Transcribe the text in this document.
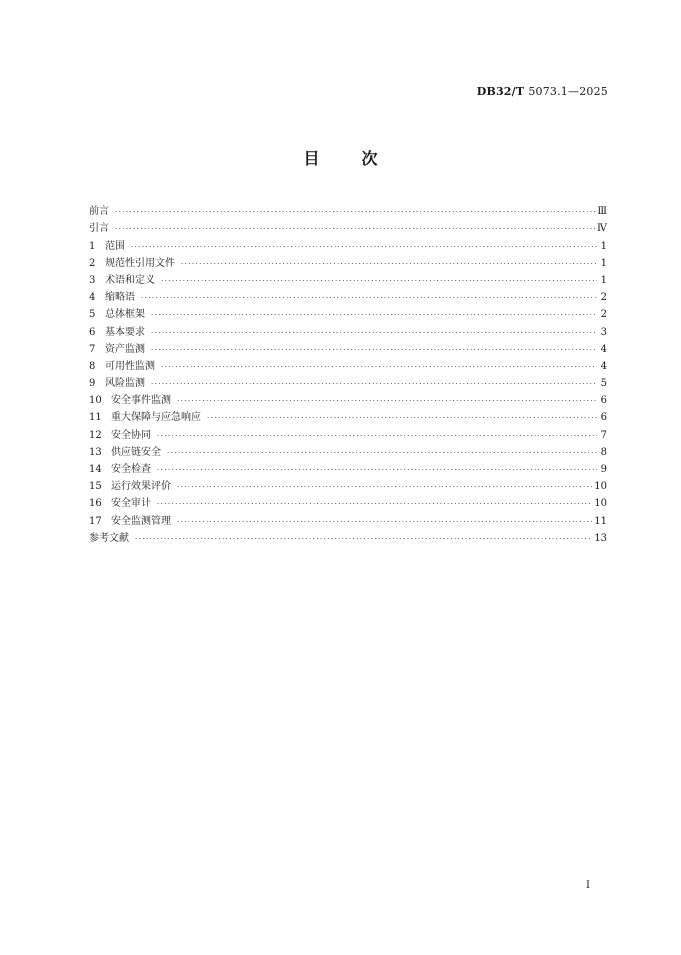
DB32/T 5073.1—2025
目	次
前言 ·····	Ⅲ
引言 ·····	Ⅳ
1 范围 ·····	1
2 规范性引用文件 ·····	1
3 术语和定义 ·····	1
4 缩略语 ·····	2
5 总体框架 ·····	2
6 基本要求 ·····	3
7 资产监测 ·····	4
8 可用性监测 ·····	4
9 风险监测 ·····	5
10 安全事件监测 ·····	6
11 重大保障与应急响应 ·····	6
12 安全协同 ·····	7
13 供应链安全 ·····	8
14 安全检查 ·····	9
15 运行效果评价 ·····	10
16 安全审计 ·····	10
17 安全监测管理 ·····	11
参考文献 ·····	13
I
